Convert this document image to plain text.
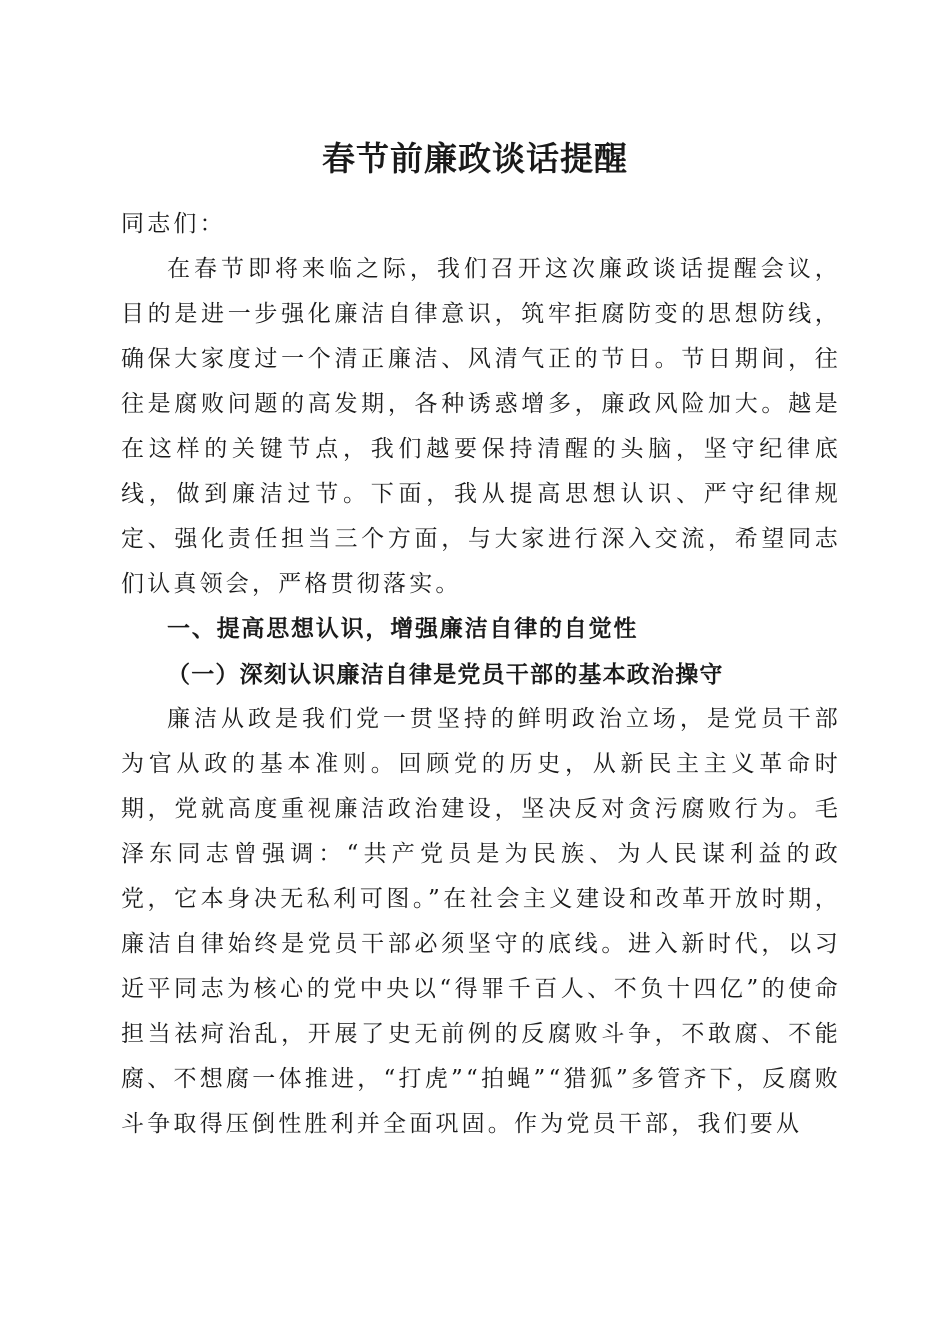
春节前廉政谈话提醒

同志们：

在春节即将来临之际，我们召开这次廉政谈话提醒会议，目的是进一步强化廉洁自律意识，筑牢拒腐防变的思想防线，确保大家度过一个清正廉洁、风清气正的节日。节日期间，往往是腐败问题的高发期，各种诱惑增多，廉政风险加大。越是在这样的关键节点，我们越要保持清醒的头脑，坚守纪律底线，做到廉洁过节。下面，我从提高思想认识、严守纪律规定、强化责任担当三个方面，与大家进行深入交流，希望同志们认真领会，严格贯彻落实。

一、提高思想认识，增强廉洁自律的自觉性

（一）深刻认识廉洁自律是党员干部的基本政治操守

廉洁从政是我们党一贯坚持的鲜明政治立场，是党员干部为官从政的基本准则。回顾党的历史，从新民主主义革命时期，党就高度重视廉洁政治建设，坚决反对贪污腐败行为。毛泽东同志曾强调：“共产党员是为民族、为人民谋利益的政党，它本身决无私利可图。”在社会主义建设和改革开放时期，廉洁自律始终是党员干部必须坚守的底线。进入新时代，以习近平同志为核心的党中央以“得罪千百人、不负十四亿”的使命担当祛疴治乱，开展了史无前例的反腐败斗争，不敢腐、不能腐、不想腐一体推进，“打虎”“拍蝇”“猎狐”多管齐下，反腐败斗争取得压倒性胜利并全面巩固。作为党员干部，我们要从
